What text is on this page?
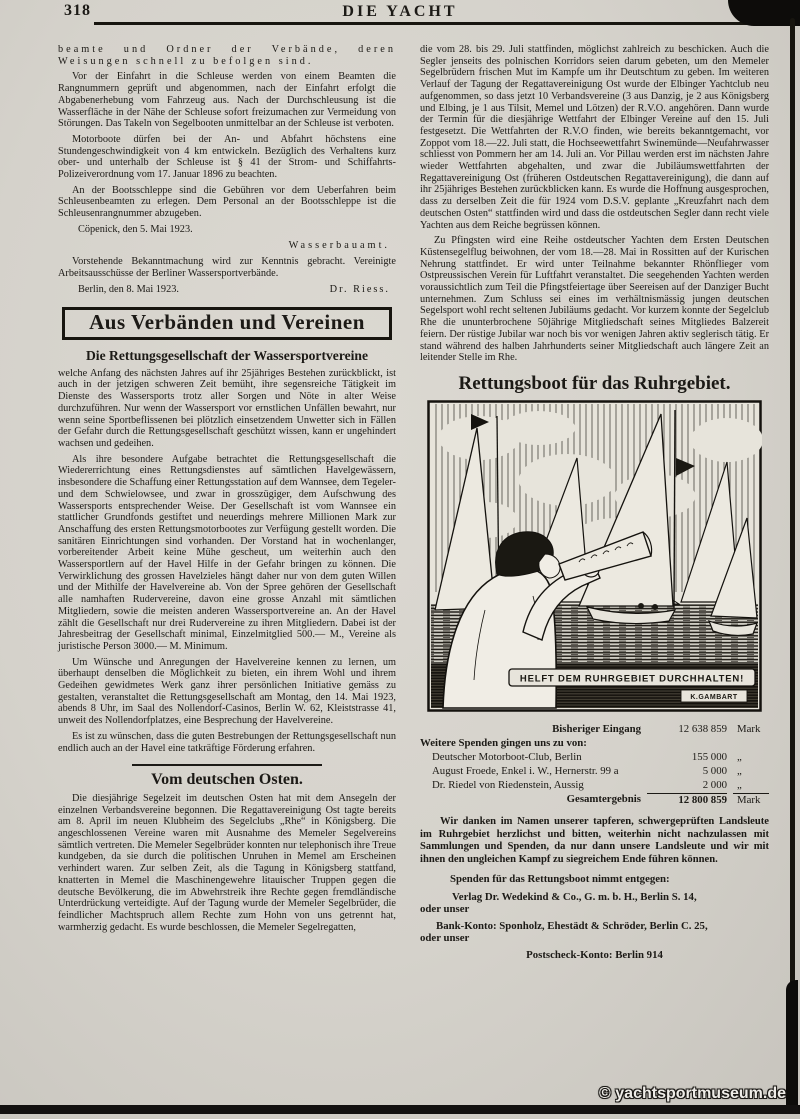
318	DIE YACHT

beamte und Ordner der Verbände, deren Weisungen schnell zu befolgen sind.

Vor der Einfahrt in die Schleuse werden von einem Beamten die Rangnummern geprüft und abgenommen, nach der Einfahrt erfolgt die Abgabenerhebung vom Fahrzeug aus. Nach der Durchschleusung ist die Wasserfläche in der Nähe der Schleuse sofort freizumachen zur Vermeidung von Störungen. Das Takeln von Segelbooten unmittelbar an der Schleuse ist verboten.

Motorboote dürfen bei der An- und Abfahrt höchstens eine Stundengeschwindigkeit von 4 km entwickeln. Bezüglich des Verhaltens kurz ober- und unterhalb der Schleuse ist § 41 der Strom- und Schiffahrts-Polizeiverordnung vom 17. Januar 1896 zu beachten.

An der Bootsschleppe sind die Gebühren vor dem Ueberfahren beim Schleusenbeamten zu erlegen. Dem Personal an der Bootsschleppe ist die Schleusenrangnummer abzugeben.

Cöpenick, den 5. Mai 1923.

Wasserbauamt.

Vorstehende Bekanntmachung wird zur Kenntnis gebracht. Vereinigte Arbeitsausschüsse der Berliner Wassersportverbände.

Berlin, den 8. Mai 1923.	Dr. Riess.
Aus Verbänden und Vereinen
Die Rettungsgesellschaft der Wassersportvereine

welche Anfang des nächsten Jahres auf ihr 25jähriges Bestehen zurückblickt, ist auch in der jetzigen schweren Zeit bemüht, ihre segensreiche Tätigkeit im Dienste des Wassersports trotz aller Sorgen und Nöte in alter Weise durchzuführen. Nur wenn der Wassersport vor ernstlichen Unfällen bewahrt, nur wenn seine Sportbeflissenen bei plötzlich einsetzendem Unwetter sich in Fällen der Gefahr durch die Rettungsgesellschaft geschützt wissen, kann er ungehindert wachsen und gedeihen.

Als ihre besondere Aufgabe betrachtet die Rettungsgesellschaft die Wiedererrichtung eines Rettungsdienstes auf sämtlichen Havelgewässern, insbesondere die Schaffung einer Rettungsstation auf dem Wannsee, dem Tegeler- und dem Schwielowsee, und zwar in grosszügiger, dem Aufschwung des Wassersports entsprechender Weise. Der Gesellschaft ist vom Wannsee ein stattlicher Grundfonds gestiftet und neuerdings mehrere Millionen Mark zur Anschaffung des ersten Rettungsmotorbootes zur Verfügung gestellt worden. Die sanitären Einrichtungen sind vorhanden. Der Vorstand hat in wochenlanger, vorbereitender Arbeit keine Mühe gescheut, um weiterhin auch den Wassersportlern auf der Havel Hilfe in der Gefahr bringen zu können. Die Verwirklichung des grossen Havelzieles hängt daher nur von dem guten Willen und der Mithilfe der Havelvereine ab. Von der Spree gehören der Gesellschaft alle namhaften Rudervereine, davon eine grosse Anzahl mit sämtlichen Mitgliedern, sowie die meisten anderen Wassersportvereine an. An der Havel zählt die Gesellschaft nur drei Rudervereine zu ihren Mitgliedern. Dabei ist der Jahresbeitrag der Gesellschaft minimal, Einzelmitglied 500.— M., Vereine als juristische Person 3000.— M. Minimum.

Um Wünsche und Anregungen der Havelvereine kennen zu lernen, um überhaupt denselben die Möglichkeit zu bieten, ein ihrem Wohl und ihrem Gedeihen gewidmetes Werk ganz ihrer persönlichen Initiative gemäss zu gestalten, veranstaltet die Rettungsgesellschaft am Montag, den 14. Mai 1923, abends 8 Uhr, im Saal des Nollendorf-Casinos, Berlin W. 62, Kleiststrasse 41, unweit des Nollendorfplatzes, eine Besprechung der Havelvereine.

Es ist zu wünschen, dass die guten Bestrebungen der Rettungsgesellschaft nun endlich auch an der Havel eine tatkräftige Förderung erfahren.

Vom deutschen Osten.

Die diesjährige Segelzeit im deutschen Osten hat mit dem Ansegeln der einzelnen Verbandsvereine begonnen. Die Regattavereinigung Ost tagte bereits am 8. April im neuen Klubheim des Segelclubs „Rhe“ in Königsberg. Die angeschlossenen Vereine waren mit Ausnahme des Memeler Segelvereins sämtlich vertreten. Die Memeler Segelbrüder konnten nur telephonisch ihre Treue kundgeben, da sie durch die politischen Unruhen in Memel am Erscheinen verhindert waren. Zur selben Zeit, als die Tagung in Königsberg stattfand, knatterten in Memel die Maschinengewehre litauischer Truppen gegen die deutsche Bevölkerung, die im Abwehrstreik ihre Rechte gegen fremdländische Unterdrückung verteidigte. Auf der Tagung wurde der Memeler Segelbrüder, die feindlicher Machtspruch allem Rechte zum Hohn von uns getrennt hat, warmherzig gedacht. Es wurde beschlossen, die Memeler Segelregatten,

die vom 28. bis 29. Juli stattfinden, möglichst zahlreich zu beschicken. Auch die Segler jenseits des polnischen Korridors seien darum gebeten, um den Memeler Segelbrüdern frischen Mut im Kampfe um ihr Deutschtum zu geben. Im weiteren Verlauf der Tagung der Regattavereinigung Ost wurde der Elbinger Yachtclub neu aufgenommen, so dass jetzt 10 Verbandsvereine (3 aus Danzig, je 2 aus Königsberg und Elbing, je 1 aus Tilsit, Memel und Lötzen) der R.V.O. angehören. Dann wurde der Termin für die diesjährige Wettfahrt der Elbinger Vereine auf den 15. Juli festgesetzt. Die Wettfahrten der R.V.O finden, wie bereits bekanntgemacht, vor Zoppot vom 18.—22. Juli statt, die Hochseewettfahrt Swinemünde—Neufahrwasser schliesst von Pommern her am 14. Juli an. Vor Pillau werden erst im nächsten Jahre wieder Wettfahrten abgehalten, und zwar die Jubiläumswettfahrten der Regattavereinigung Ost (früheren Ostdeutschen Regattavereinigung), die dann auf ihr 25jähriges Bestehen zurückblicken kann. Es wurde die Hoffnung ausgesprochen, dass zu derselben Zeit die für 1924 vom D.S.V. geplante „Kreuzfahrt nach dem deutschen Osten“ stattfinden wird und dass die ostdeutschen Segler dann recht viele Yachten aus dem Reiche begrüssen können.

Zu Pfingsten wird eine Reihe ostdeutscher Yachten dem Ersten Deutschen Küstensegelflug beiwohnen, der vom 18.—28. Mai in Rossitten auf der Kurischen Nehrung stattfindet. Er wird unter Teilnahme bekannter Rhönflieger vom Ostpreussischen Verein für Luftfahrt veranstaltet. Die seegehenden Yachten werden voraussichtlich zum Teil die Pfingstfeiertage über Seereisen auf der Danziger Bucht unternehmen. Zum Schluss sei eines im verhältnismässig jungen deutschen Segelsport wohl recht seltenen Jubiläums gedacht. Vor kurzem konnte der Segelclub Rhe die ununterbrochene 50jährige Mitgliedschaft seines Mitgliedes Balzereit feiern. Der rüstige Jubilar war noch bis vor wenigen Jahren aktiv seglerisch tätig. Er stand während des halben Jahrhunderts seiner Mitgliedschaft auch längere Zeit an leitender Stelle im Rhe.

Rettungsboot für das Ruhrgebiet.
HELFT DEM RUHRGEBIET DURCHHALTEN!
K.GAMBART
Bisheriger Eingang	12 638 859 Mark
Weitere Spenden gingen uns zu von:
Deutscher Motorboot-Club, Berlin	155 000 „
August Froede, Enkel i. W., Hernerstr. 99 a	5 000 „
Dr. Riedel von Riedenstein, Aussig	2 000 „
Gesamtergebnis	12 800 859 Mark

Wir danken im Namen unserer tapferen, schwergeprüften Landsleute im Ruhrgebiet herzlichst und bitten, weiterhin nicht nachzulassen mit Sammlungen und Spenden, da nur dann unsere Landsleute und wir mit ihnen den ungleichen Kampf zu siegreichem Ende führen können.

Spenden für das Rettungsboot nimmt entgegen:

Verlag Dr. Wedekind & Co., G. m. b. H., Berlin S. 14,

oder unser

Bank-Konto: Sponholz, Ehestädt & Schröder, Berlin C. 25,

oder unser

Postscheck-Konto: Berlin 914

© yachtsportmuseum.de
